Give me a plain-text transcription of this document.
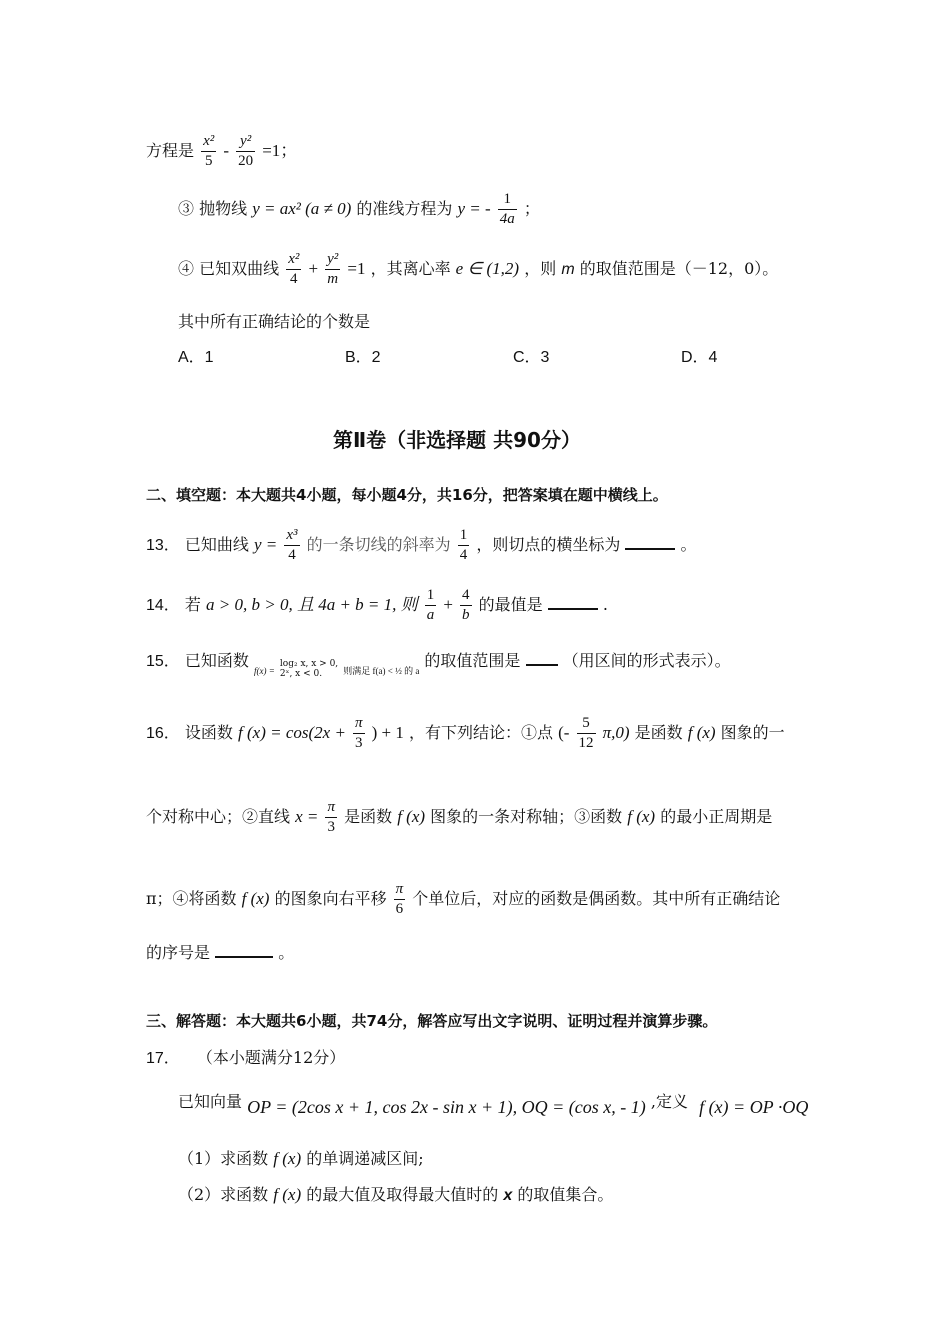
方程是 $\frac{\text{x²}}{5} - \frac{\text{y²}}{20} =1$；
③ 抛物线 y = ax² (a ≠ 0) 的准线方程为 y = - $\frac{1}{4a}$ ；
④ 已知双曲线 $\frac{\text{x²}}{4} + \frac{\text{y²}}{m} =1$ ，其离心率 e ∈ (1,2) ，则 m 的取值范围是（－12，0）。
其中所有正确结论的个数是
A．1	B．2	C．3	D．4
第Ⅱ卷（非选择题 共90分）
二、填空题：本大题共4小题，每小题4分，共16分，把答案填在题中横线上。
13． 已知曲线 $y = \frac{\text{x³}}{4}$ 的一条切线的斜率为 $\frac{1}{4}$ ，则切点的横坐标为	。
14． 若 a > 0, b > 0, 且 4a + b = 1, 则 $\frac{1}{a} + \frac{4}{b}$ 的最值是	.
15． 已知函数 $_{f(x) =}$
log₂ x, x > 0,
2ˣ, x < 0.	$_{则满足 f(a) < \frac{1}{2} 的 a}$ 的取值范围是	（用区间的形式表示）。
16． 设函数 f $(x) = \cos(2x + \frac{\pi}{3}$ ) + 1 ，有下列结论：①点 (- $\frac{5}{12} \pi,0$) 是函数 f (x) 图象的一
个对称中心；②直线 $x = \frac{\pi}{3}$ 是函数 f (x) 图象的一条对称轴；③函数 f (x) 的最小正周期是
π；④将函数 f (x) 的图象向右平移 $\frac{\pi}{6}$ 个单位后，对应的函数是偶函数。其中所有正确结论
的序号是	。
三、解答题：本大题共6小题，共74分，解答应写出文字说明、证明过程并演算步骤。
17． （本小题满分12分）
已知向量 OP = (2cos x + 1, cos 2x - sin x + 1), OQ = (cos x, - 1) ,定义 f (x) = OP ·OQ
（1）求函数 f (x) 的单调递减区间;
（2）求函数 f (x) 的最大值及取得最大值时的 x 的取值集合。
